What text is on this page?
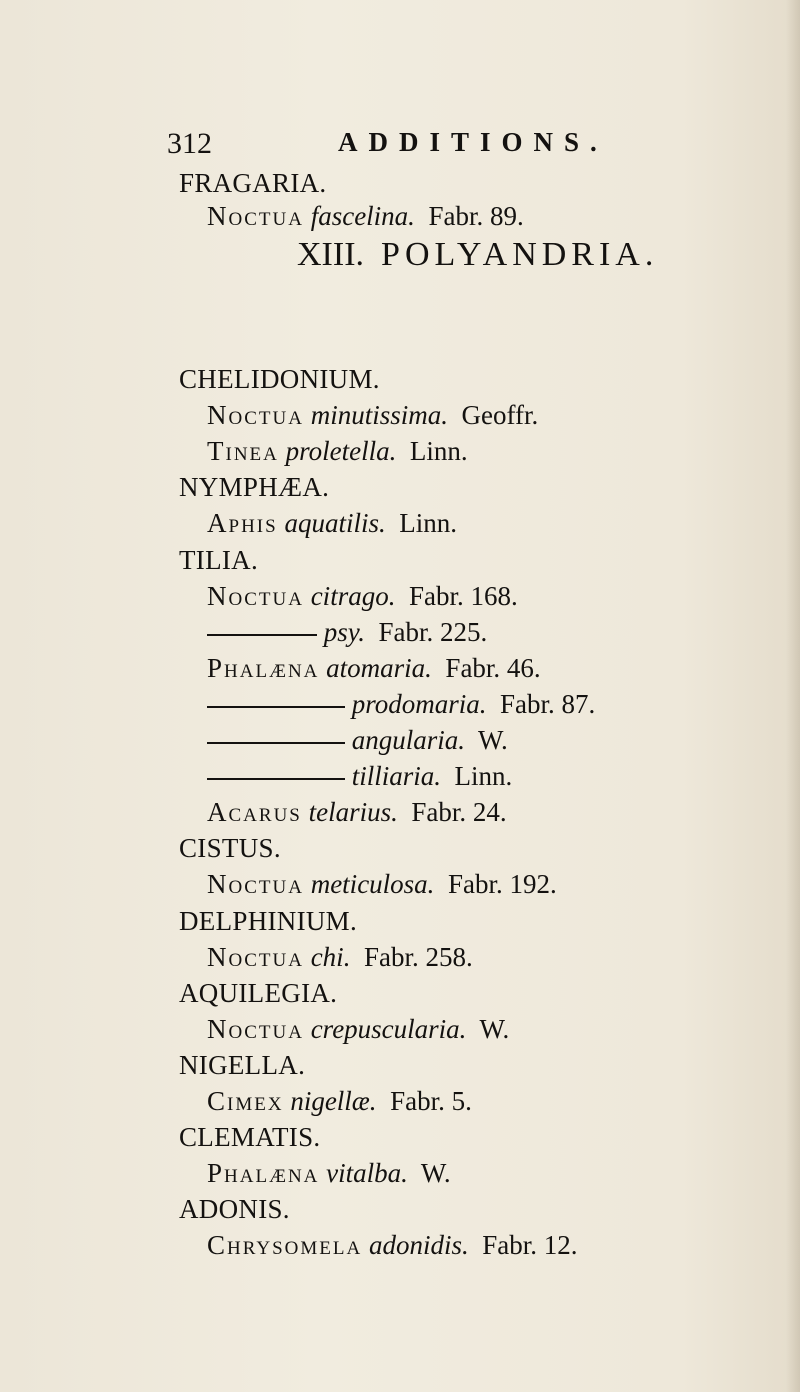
312	ADDITIONS.
FRAGARIA.
Noctua fascelina. Fabr. 89.
XIII. POLYANDRIA.
CHELIDONIUM.
Noctua minutissima. Geoffr.
Tinea proletella. Linn.
NYMPHÆA.
Aphis aquatilis. Linn.
TILIA.
Noctua citrago. Fabr. 168.
psy. Fabr. 225.
Phalæna atomaria. Fabr. 46.
prodomaria. Fabr. 87.
angularia. W.
tilliaria. Linn.
Acarus telarius. Fabr. 24.
CISTUS.
Noctua meticulosa. Fabr. 192.
DELPHINIUM.
Noctua chi. Fabr. 258.
AQUILEGIA.
Noctua crepuscularia. W.
NIGELLA.
Cimex nigellæ. Fabr. 5.
CLEMATIS.
Phalæna vitalba. W.
ADONIS.
Chrysomela adonidis. Fabr. 12.
